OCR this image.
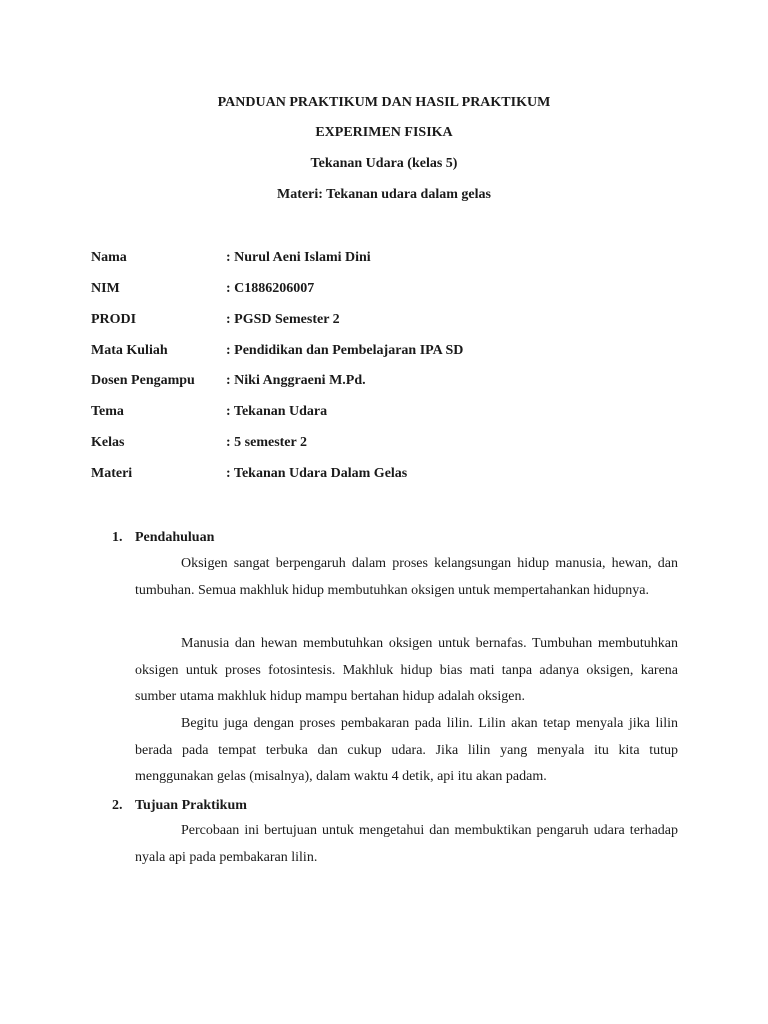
PANDUAN PRAKTIKUM DAN HASIL PRAKTIKUM
EXPERIMEN FISIKA
Tekanan Udara (kelas 5)
Materi: Tekanan udara dalam gelas
Nama	: Nurul Aeni Islami Dini
NIM	: C1886206007
PRODI	: PGSD Semester 2
Mata Kuliah	: Pendidikan dan Pembelajaran IPA SD
Dosen Pengampu : Niki Anggraeni M.Pd.
Tema	: Tekanan Udara
Kelas	: 5 semester 2
Materi	: Tekanan Udara Dalam Gelas
1. Pendahuluan

Oksigen sangat berpengaruh dalam proses kelangsungan hidup manusia, hewan, dan tumbuhan. Semua makhluk hidup membutuhkan oksigen untuk mempertahankan hidupnya.

Manusia dan hewan membutuhkan oksigen untuk bernafas. Tumbuhan membutuhkan oksigen untuk proses fotosintesis. Makhluk hidup bias mati tanpa adanya oksigen, karena sumber utama makhluk hidup mampu bertahan hidup adalah oksigen.

Begitu juga dengan proses pembakaran pada lilin. Lilin akan tetap menyala jika lilin berada pada tempat terbuka dan cukup udara. Jika lilin yang menyala itu kita tutup menggunakan gelas (misalnya), dalam waktu 4 detik, api itu akan padam.

2. Tujuan Praktikum

Percobaan ini bertujuan untuk mengetahui dan membuktikan pengaruh udara terhadap nyala api pada pembakaran lilin.
